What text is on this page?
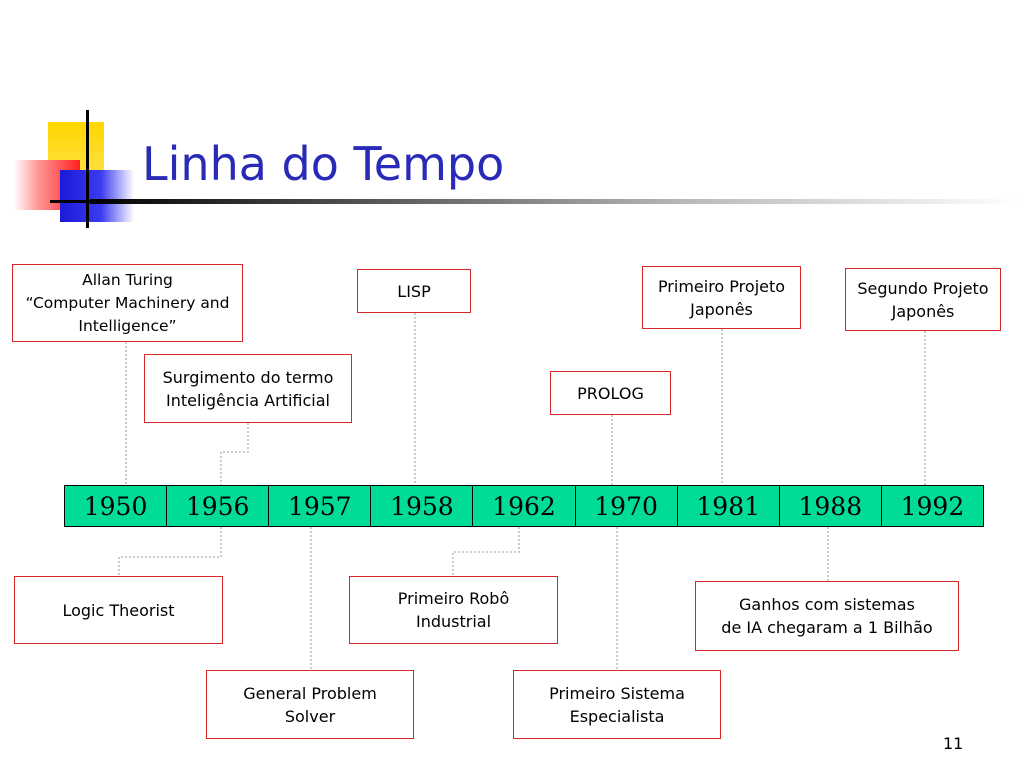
Linha do Tempo
1950	1956	1957	1958	1962	1970	1981	1988	1992
Allan Turing
“Computer Machinery and
Intelligence”
Surgimento do termo
Inteligência Artificial
LISP
PROLOG
Primeiro Projeto
Japonês
Segundo Projeto
Japonês
Logic Theorist
General Problem
Solver
Primeiro Robô
Industrial
Primeiro Sistema
Especialista
Ganhos com sistemas
de IA chegaram a 1 Bilhão
11
